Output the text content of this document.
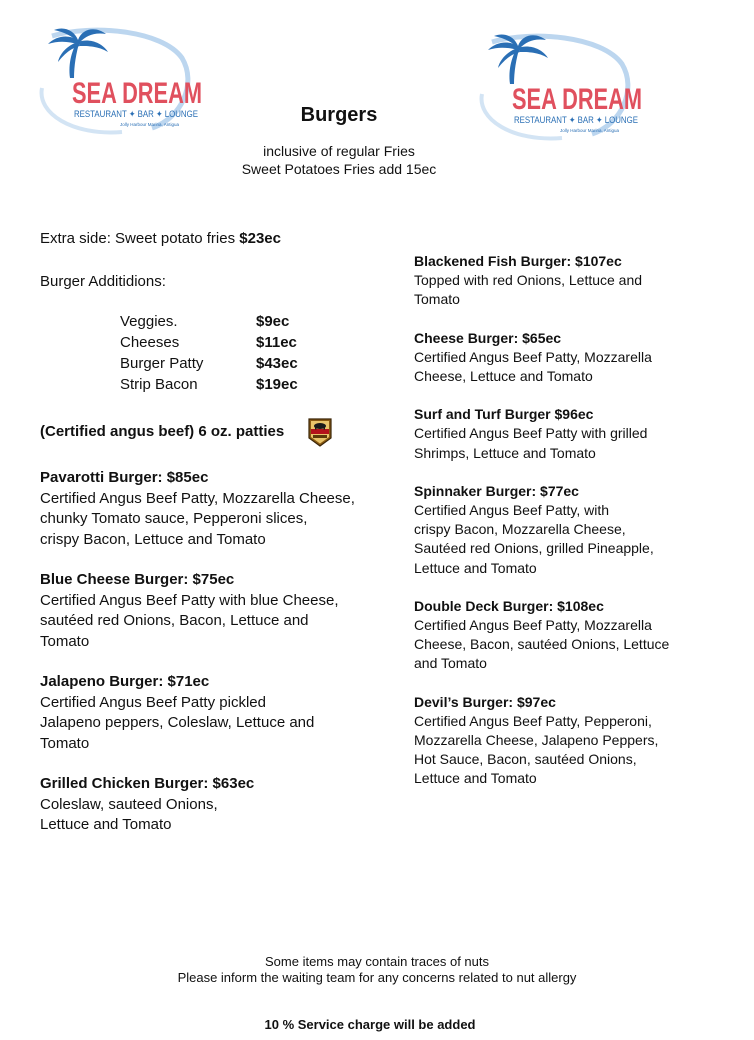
SEA DREAM
RESTAURANT ✦ BAR ✦ LOUNGE
Jolly Harbour Marina, Antigua
SEA DREAM
RESTAURANT ✦ BAR ✦ LOUNGE
Jolly Harbour Marina, Antigua
Burgers
inclusive of regular Fries
Sweet Potatoes Fries add 15ec
Extra side: Sweet potato fries $23ec
Burger Additidions:
Veggies.	$9ec
Cheeses	$11ec
Burger Patty	$43ec
Strip Bacon	$19ec
(Certified angus beef) 6 oz. patties
Pavarotti Burger: $85ec
Certified Angus Beef Patty, Mozzarella Cheese,
chunky Tomato sauce, Pepperoni slices,
crispy Bacon, Lettuce and Tomato
Blue Cheese Burger: $75ec
Certified Angus Beef Patty with blue Cheese,
sautéed red Onions, Bacon, Lettuce and
Tomato
Jalapeno Burger: $71ec
Certified Angus Beef Patty pickled
Jalapeno peppers, Coleslaw, Lettuce and
Tomato
Grilled Chicken Burger: $63ec
Coleslaw, sauteed Onions,
Lettuce and Tomato
Blackened Fish Burger: $107ec
Topped with red Onions, Lettuce and
Tomato
Cheese Burger: $65ec
Certified Angus Beef Patty, Mozzarella
Cheese, Lettuce and Tomato
Surf and Turf Burger $96ec
Certified Angus Beef Patty with grilled
Shrimps, Lettuce and Tomato
Spinnaker Burger: $77ec
Certified Angus Beef Patty, with
crispy Bacon, Mozzarella Cheese,
Sautéed red Onions, grilled Pineapple,
Lettuce and Tomato
Double Deck Burger: $108ec
Certified Angus Beef Patty, Mozzarella
Cheese, Bacon, sautéed Onions, Lettuce
and Tomato
Devil’s Burger: $97ec
Certified Angus Beef Patty, Pepperoni,
Mozzarella Cheese, Jalapeno Peppers,
Hot Sauce, Bacon, sautéed Onions,
Lettuce and Tomato
Some items may contain traces of nuts
Please inform the waiting team for any concerns related to nut allergy
10 % Service charge will be added
